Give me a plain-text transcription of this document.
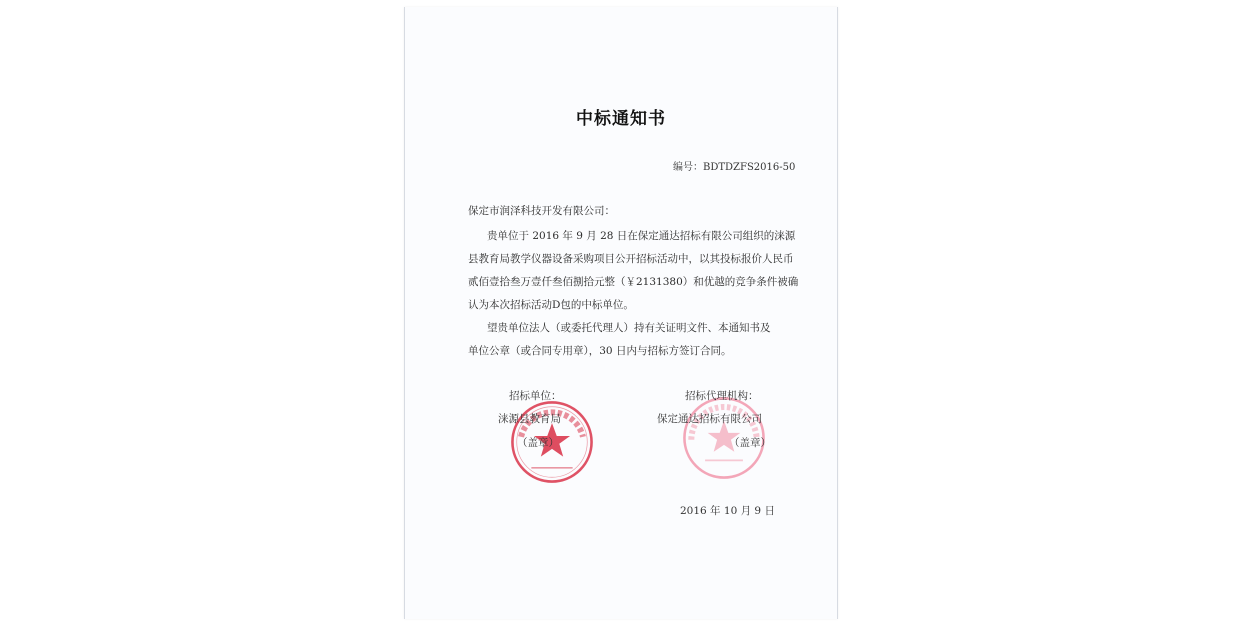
中标通知书
编号：BDTDZFS2016-50
保定市润泽科技开发有限公司：
贵单位于 2016 年 9 月 28 日在保定通达招标有限公司组织的涞源
县教育局教学仪器设备采购项目公开招标活动中，以其投标报价人民币
贰佰壹拾叁万壹仟叁佰捌拾元整（￥2131380）和优越的竞争条件被确
认为本次招标活动D包的中标单位。
望贵单位法人（或委托代理人）持有关证明文件、本通知书及
单位公章（或合同专用章），30 日内与招标方签订合同。
招标单位：
涞源县教育局
（盖章）
招标代理机构：
保定通达招标有限公司
（盖章）
2016 年 10 月 9 日
